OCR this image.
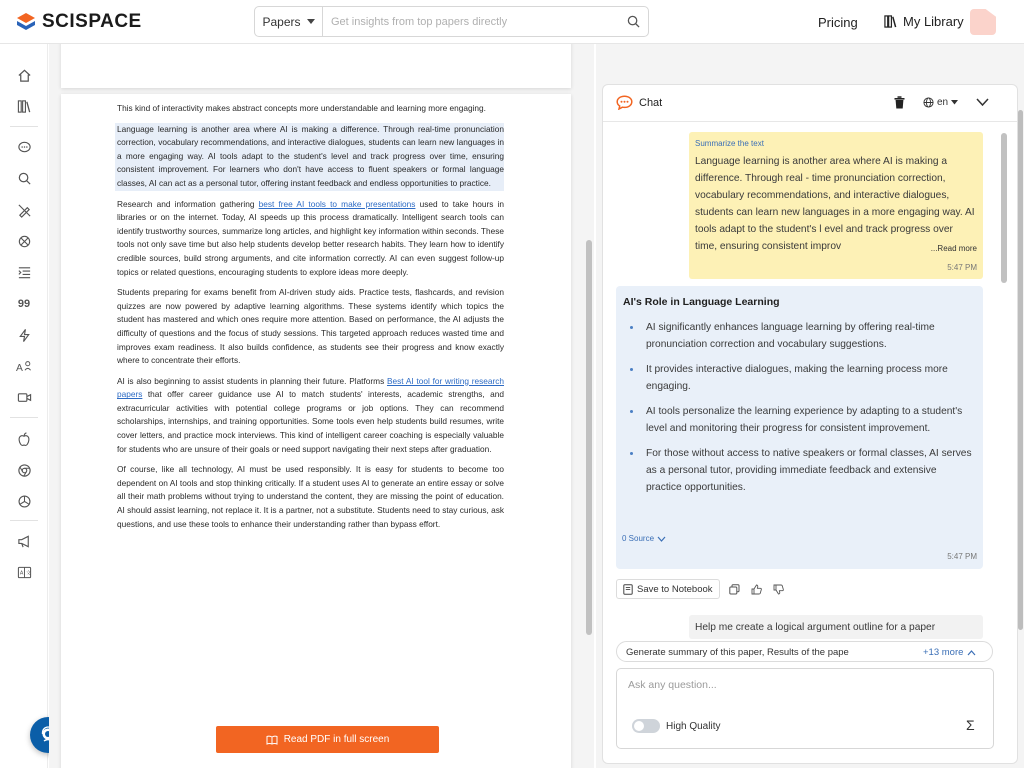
SCISPACE	Papers
Get insights from top papers directly	Pricing	My Library
99
A
A 文

This kind of interactivity makes abstract concepts more understandable and learning more engaging.

Language learning is another area where AI is making a difference. Through real-time pronunciation correction, vocabulary recommendations, and interactive dialogues, students can learn new languages in a more engaging way. AI tools adapt to the student's level and track progress over time, ensuring consistent improvement. For learners who don't have access to fluent speakers or formal language classes, AI can act as a personal tutor, offering instant feedback and endless opportunities to practice.

Research and information gathering best free AI tools to make presentations used to take hours in libraries or on the internet. Today, AI speeds up this process dramatically. Intelligent search tools can identify trustworthy sources, summarize long articles, and highlight key information within seconds. These tools not only save time but also help students develop better research habits. They learn how to identify credible sources, build strong arguments, and cite information correctly. AI can even suggest follow-up topics or related questions, encouraging students to explore ideas more deeply.

Students preparing for exams benefit from AI-driven study aids. Practice tests, flashcards, and revision quizzes are now powered by adaptive learning algorithms. These systems identify which topics the student has mastered and which ones require more attention. Based on performance, the AI adjusts the difficulty of questions and the focus of study sessions. This targeted approach reduces wasted time and improves exam readiness. It also builds confidence, as students see their progress and know exactly where to concentrate their efforts.

AI is also beginning to assist students in planning their future. Platforms Best AI tool for writing research papers that offer career guidance use AI to match students' interests, academic strengths, and extracurricular activities with potential college programs or job options. They can recommend scholarships, internships, and training opportunities. Some tools even help students build resumes, write cover letters, and practice mock interviews. This kind of intelligent career coaching is especially valuable for students who are unsure of their goals or need support navigating their next steps after graduation.

Of course, like all technology, AI must be used responsibly. It is easy for students to become too dependent on AI tools and stop thinking critically. If a student uses AI to generate an entire essay or solve all their math problems without trying to understand the content, they are missing the point of education. AI should assist learning, not replace it. It is a partner, not a substitute. Students need to stay curious, ask questions, and use these tools to enhance their understanding rather than bypass effort.

Read PDF in full screen
Chat	en
Summarize the text
Language learning is another area where AI is making a difference. Through real - time pronunciation correction, vocabulary recommendations, and interactive dialogues, students can learn new languages in a more engaging way. AI tools adapt to the student's l evel and track progress over time, ensuring consistent improv	...Read more
5:47 PM
AI's Role in Language Learning
AI significantly enhances language learning by offering real-time pronunciation correction and vocabulary suggestions.
It provides interactive dialogues, making the learning process more engaging.
AI tools personalize the learning experience by adapting to a student's level and monitoring their progress for consistent improvement.
For those without access to native speakers or formal classes, AI serves as a personal tutor, providing immediate feedback and extensive practice opportunities.
0 Source
5:47 PM
Save to Notebook
Help me create a logical argument outline for a paper
Generate summary of this paper, Results of the pape	+13 more
Ask any question...
High Quality	Σ
